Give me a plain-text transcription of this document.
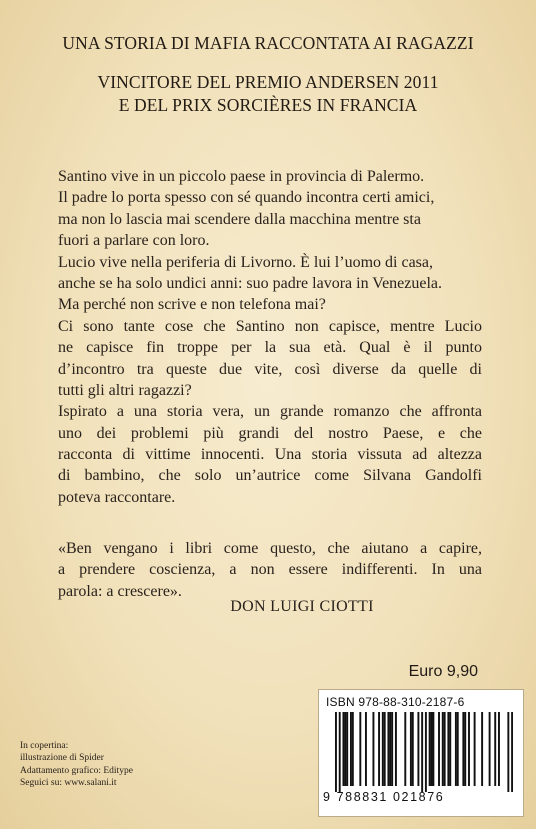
UNA STORIA DI MAFIA RACCONTATA AI RAGAZZI
VINCITORE DEL PREMIO ANDERSEN 2011
E DEL PRIX SORCIÈRES IN FRANCIA
Santino vive in un piccolo paese in provincia di Palermo.
Il padre lo porta spesso con sé quando incontra certi amici,
ma non lo lascia mai scendere dalla macchina mentre sta
fuori a parlare con loro.
Lucio vive nella periferia di Livorno. È lui l’uomo di casa,
anche se ha solo undici anni: suo padre lavora in Venezuela.
Ma perché non scrive e non telefona mai?
Ci sono tante cose che Santino non capisce, mentre Lucio
ne capisce fin troppe per la sua età. Qual è il punto
d’incontro tra queste due vite, così diverse da quelle di
tutti gli altri ragazzi?
Ispirato a una storia vera, un grande romanzo che affronta
uno dei problemi più grandi del nostro Paese, e che
racconta di vittime innocenti. Una storia vissuta ad altezza
di bambino, che solo un’autrice come Silvana Gandolfi
poteva raccontare.
«Ben vengano i libri come questo, che aiutano a capire,
a prendere coscienza, a non essere indifferenti. In una
parola: a crescere».
DON LUIGI CIOTTI
Euro 9,90
ISBN 978-88-310-2187-6
9 788831 021876
In copertina:
illustrazione di Spider
Adattamento grafico: Editype
Seguici su: www.salani.it
